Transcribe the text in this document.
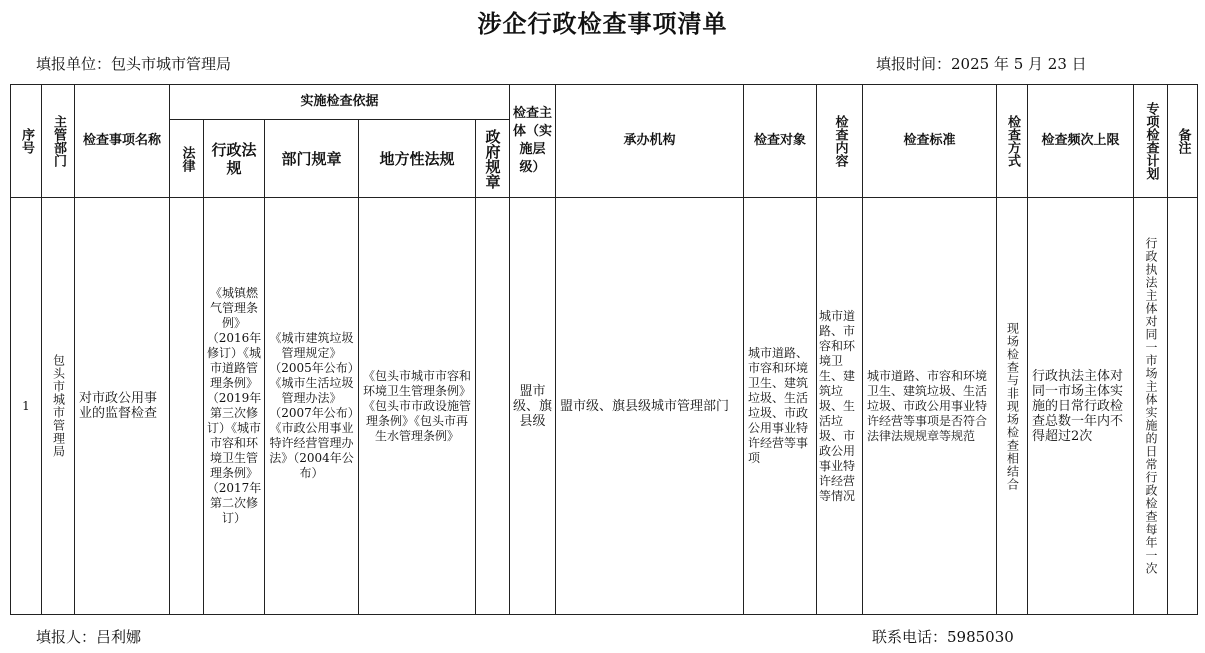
涉企行政检查事项清单
填报单位：包头市城市管理局	填报时间：2025 年 5 月 23 日
序号	主管部门	检查事项名称	实施检查依据					检查主体（实施层级）	承办机构	检查对象	检查内容	检查标准	检查方式	检查频次上限	专项检查计划	备注

			法律	行政法规	部门规章	地方性法规	政府规章									

1	包头市城市管理局	对市政公用事业的监督检查		《城镇燃气管理条例》（2016年修订）《城市道路管理条例》（2019年第三次修订）《城市市容和环境卫生管理条例》（2017年第二次修订）	《城市建筑垃圾管理规定》（2005年公布）《城市生活垃圾管理办法》（2007年公布）《市政公用事业特许经营管理办法》（2004年公布）	《包头市城市市容和环境卫生管理条例》《包头市市政设施管理条例》《包头市再生水管理条例》		盟市级、旗县级	盟市级、旗县级城市管理部门	城市道路、市容和环境卫生、建筑垃圾、生活垃圾、市政公用事业特许经营等事项	城市道路、市容和环境卫生、建筑垃圾、生活垃圾、市政公用事业特许经营等情况	城市道路、市容和环境卫生、建筑垃圾、生活垃圾、市政公用事业特许经营等事项是否符合法律法规规章等规范	现场检查与非现场检查相结合	行政执法主体对同一市场主体实施的日常行政检查总数一年内不得超过2次	行政执法主体对同一市场主体实施的日常行政检查每年一次	

填报人：吕利娜	联系电话：5985030
